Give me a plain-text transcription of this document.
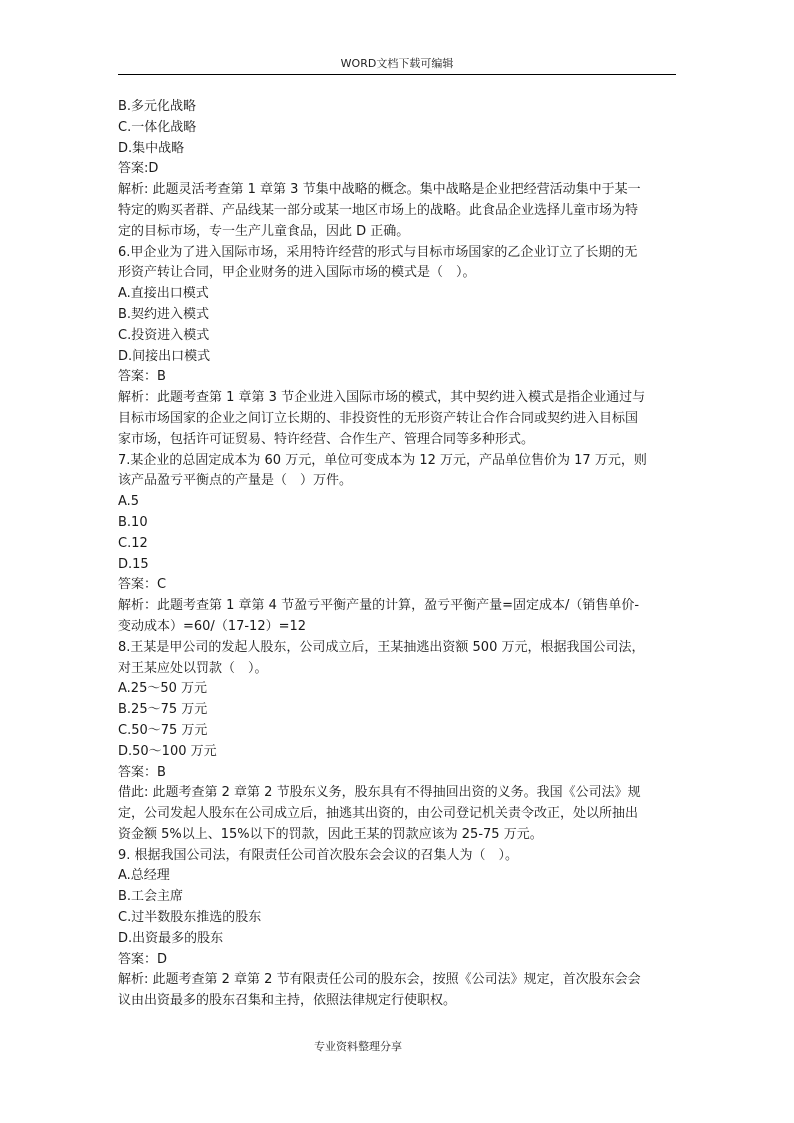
WORD文档下载可编辑

B.多元化战略

C.一体化战略

D.集中战略

答案:D

解析: 此题灵活考查第 1 章第 3 节集中战略的概念。集中战略是企业把经营活动集中于某一

特定的购买者群、产品线某一部分或某一地区市场上的战略。此食品企业选择儿童市场为特

定的目标市场，专一生产儿童食品，因此 D 正确。

6.甲企业为了进入国际市场，采用特许经营的形式与目标市场国家的乙企业订立了长期的无

形资产转让合同，甲企业财务的进入国际市场的模式是（　）。

A.直接出口模式

B.契约进入模式

C.投资进入模式

D.间接出口模式

答案：B

解析：此题考查第 1 章第 3 节企业进入国际市场的模式，其中契约进入模式是指企业通过与

目标市场国家的企业之间订立长期的、非投资性的无形资产转让合作合同或契约进入目标国

家市场，包括许可证贸易、特许经营、合作生产、管理合同等多种形式。

7.某企业的总固定成本为 60 万元，单位可变成本为 12 万元，产品单位售价为 17 万元，则

该产品盈亏平衡点的产量是（　）万件。

A.5

B.10

C.12

D.15

答案：C

解析：此题考查第 1 章第 4 节盈亏平衡产量的计算，盈亏平衡产量=固定成本/（销售单价-

变动成本）=60/（17-12）=12

8.王某是甲公司的发起人股东，公司成立后，王某抽逃出资额 500 万元，根据我国公司法，

对王某应处以罚款（　）。

A.25～50 万元

B.25～75 万元

C.50～75 万元

D.50～100 万元

答案：B

借此: 此题考查第 2 章第 2 节股东义务，股东具有不得抽回出资的义务。我国《公司法》规

定，公司发起人股东在公司成立后，抽逃其出资的，由公司登记机关责令改正，处以所抽出

资金额 5%以上、15%以下的罚款，因此王某的罚款应该为 25-75 万元。

9. 根据我国公司法，有限责任公司首次股东会会议的召集人为（　）。

A.总经理

B.工会主席

C.过半数股东推选的股东

D.出资最多的股东

答案：D

解析: 此题考查第 2 章第 2 节有限责任公司的股东会，按照《公司法》规定，首次股东会会

议由出资最多的股东召集和主持，依照法律规定行使职权。

专业资料整理分享
